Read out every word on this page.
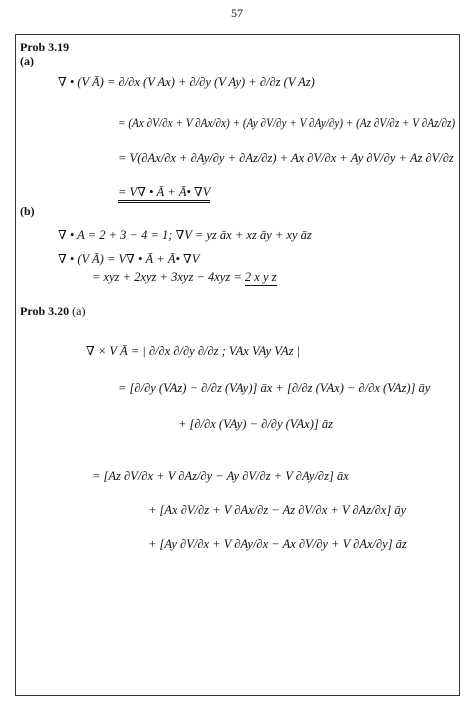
57
Prob 3.19
(a)
∇ • (V Ā) = ∂/∂x (V Ax) + ∂/∂y (V Ay) + ∂/∂z (V Az)
= (Ax ∂V/∂x + V ∂Ax/∂x) + (Ay ∂V/∂y + V ∂Ay/∂y) + (Az ∂V/∂z + V ∂Az/∂z)
= V(∂Ax/∂x + ∂Ay/∂y + ∂Az/∂z) + Ax ∂V/∂x + Ay ∂V/∂y + Az ∂V/∂z
= V∇ • Ā + Ā• ∇V
(b)
∇ • A = 2 + 3 − 4 = 1; ∇V = yz āx + xz āy + xy āz
∇ • (V Ā) = V∇ • Ā + Ā• ∇V
= xyz + 2xyz + 3xyz − 4xyz = 2 x y z
Prob 3.20 (a)
∇ × V Ā = | ∂/∂x ∂/∂y ∂/∂z ; VAx VAy VAz |
= [∂/∂y (VAz) − ∂/∂z (VAy)] āx + [∂/∂z (VAx) − ∂/∂x (VAz)] āy
+ [∂/∂x (VAy) − ∂/∂y (VAx)] āz
= [Az ∂V/∂x + V ∂Az/∂y − Ay ∂V/∂z + V ∂Ay/∂z] āx
+ [Ax ∂V/∂z + V ∂Ax/∂z − Az ∂V/∂x + V ∂Az/∂x] āy
+ [Ay ∂V/∂x + V ∂Ay/∂x − Ax ∂V/∂y + V ∂Ax/∂y] āz
